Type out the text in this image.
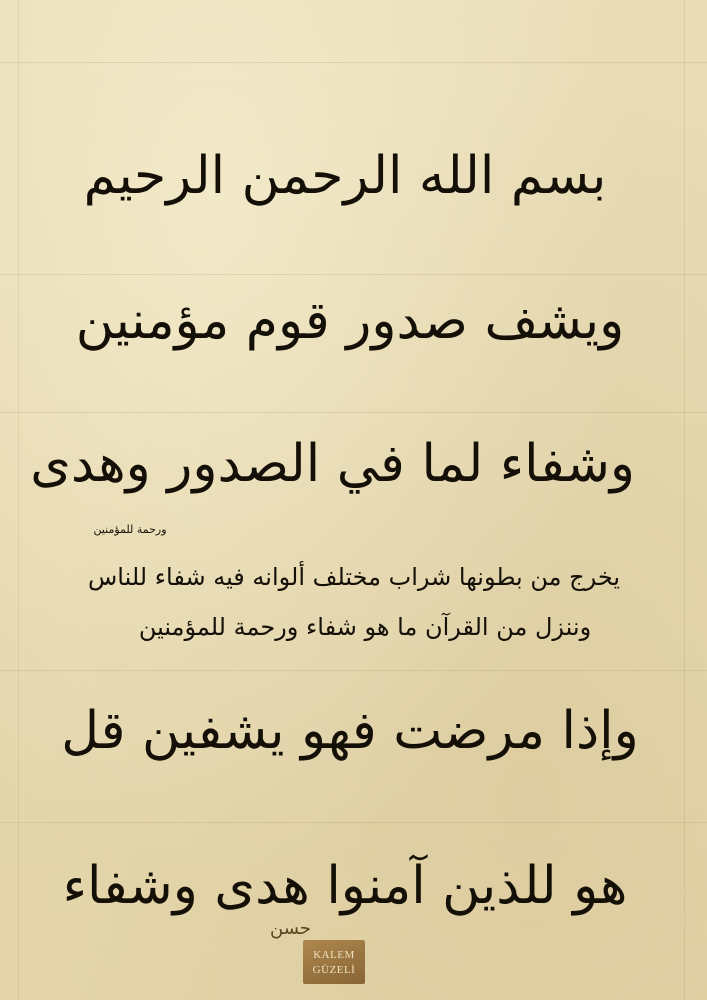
بسم الله الرحمن الرحيم
ويشف صدور قوم مؤمنين
وشفاء لما في الصدور وهدى
ورحمة للمؤمنين
يخرج من بطونها شراب مختلف ألوانه فيه شفاء للناس
وننزل من القرآن ما هو شفاء ورحمة للمؤمنين
وإذا مرضت فهو يشفين قل
هو للذين آمنوا هدى وشفاء
حسن
KALEM
GÜZELİ
